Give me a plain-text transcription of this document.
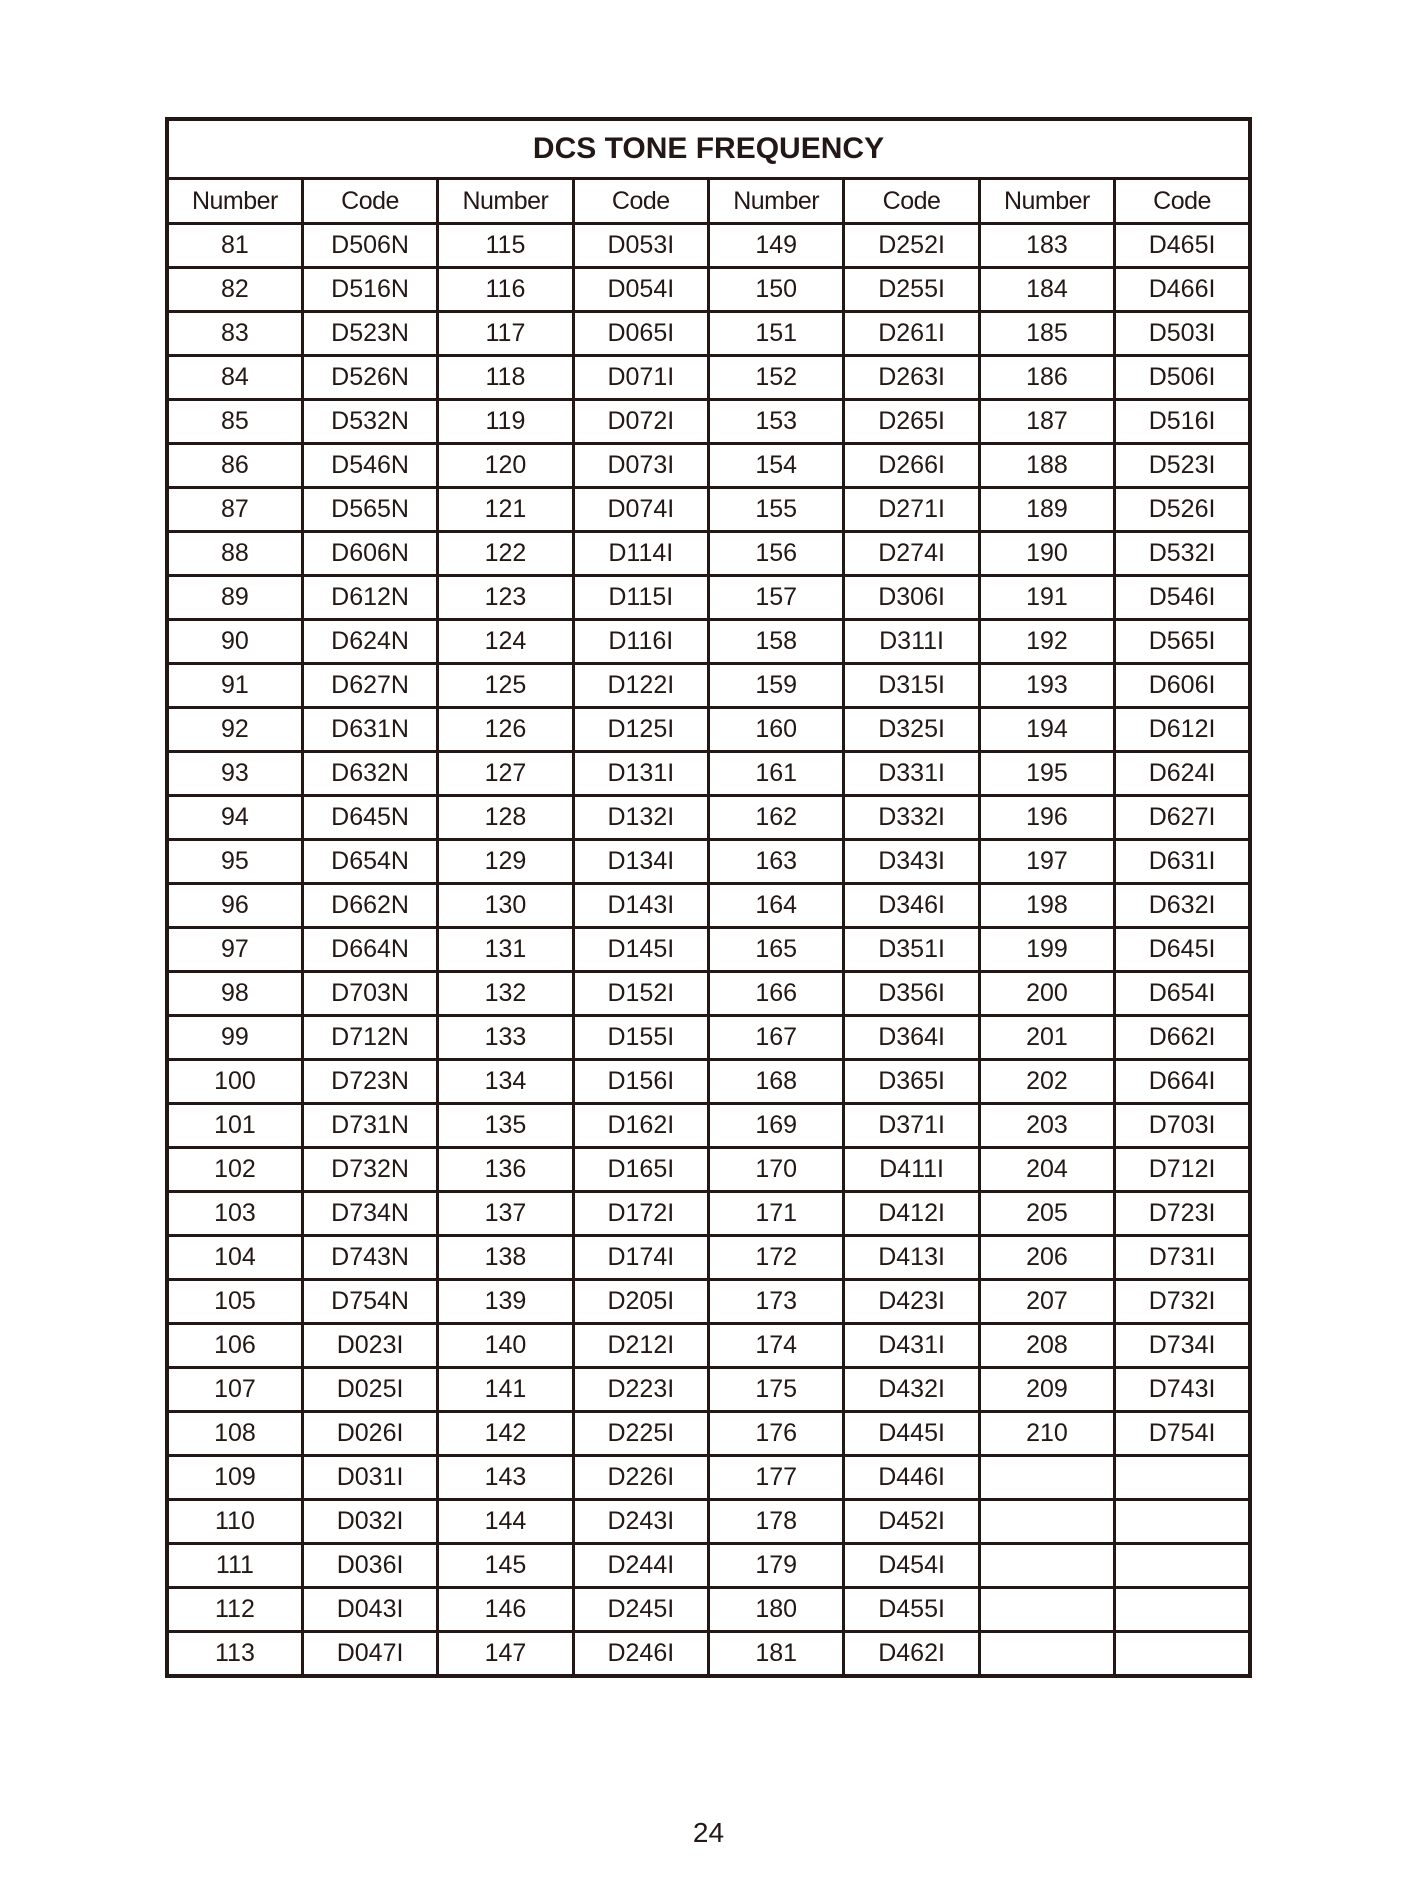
DCS TONE FREQUENCY							
Number	Code	Number	Code	Number	Code	Number	Code
81	D506N	115	D053I	149	D252I	183	D465I
82	D516N	116	D054I	150	D255I	184	D466I
83	D523N	117	D065I	151	D261I	185	D503I
84	D526N	118	D071I	152	D263I	186	D506I
85	D532N	119	D072I	153	D265I	187	D516I
86	D546N	120	D073I	154	D266I	188	D523I
87	D565N	121	D074I	155	D271I	189	D526I
88	D606N	122	D114I	156	D274I	190	D532I
89	D612N	123	D115I	157	D306I	191	D546I
90	D624N	124	D116I	158	D311I	192	D565I
91	D627N	125	D122I	159	D315I	193	D606I
92	D631N	126	D125I	160	D325I	194	D612I
93	D632N	127	D131I	161	D331I	195	D624I
94	D645N	128	D132I	162	D332I	196	D627I
95	D654N	129	D134I	163	D343I	197	D631I
96	D662N	130	D143I	164	D346I	198	D632I
97	D664N	131	D145I	165	D351I	199	D645I
98	D703N	132	D152I	166	D356I	200	D654I
99	D712N	133	D155I	167	D364I	201	D662I
100	D723N	134	D156I	168	D365I	202	D664I
101	D731N	135	D162I	169	D371I	203	D703I
102	D732N	136	D165I	170	D411I	204	D712I
103	D734N	137	D172I	171	D412I	205	D723I
104	D743N	138	D174I	172	D413I	206	D731I
105	D754N	139	D205I	173	D423I	207	D732I
106	D023I	140	D212I	174	D431I	208	D734I
107	D025I	141	D223I	175	D432I	209	D743I
108	D026I	142	D225I	176	D445I	210	D754I
109	D031I	143	D226I	177	D446I		
110	D032I	144	D243I	178	D452I		
111	D036I	145	D244I	179	D454I		
112	D043I	146	D245I	180	D455I		
113	D047I	147	D246I	181	D462I		
24
